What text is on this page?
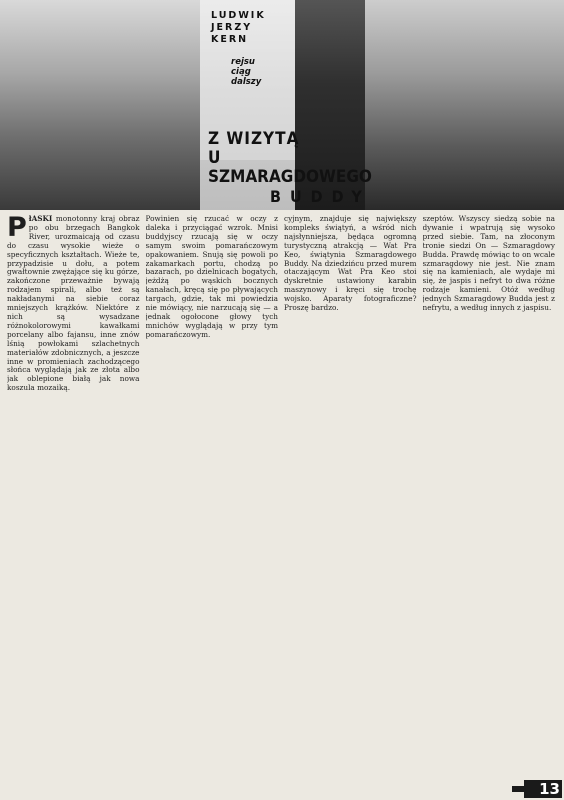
LUDWIK
JERZY
KERN
rejsu
ciąg
dalszy
Z WIZYTĄ
U SZMARAGDOWEGO
BUDDY

PłASKI monotonny kraj obraz po obu brzegach Bangkok River, urozmaicają od czasu do czasu wysokie wieże o specyficznych kształtach. Wieże te, przypadzisie u dołu, a potem gwałtownie zwężające się ku górze, zakończone przeważnie bywają rodzajem spirali, albo też są nakładanymi na siebie coraz mniejszych krążków. Niektóre z nich są wysadzane różnokolorowymi kawałkami porcelany albo fajansu, inne znów lśnią powłokami szlachetnych materiałów zdobnicznych, a jeszcze inne w promieniach zachodzącego słońca wyglądają jak ze złota albo jak oblepione białą jak nowa koszula mozaiką.

Powinien się rzucać w oczy z daleka i przyciągać wzrok. Mnisi buddyjscy rzucają się w oczy samym swoim pomarańczowym opakowaniem. Snują się powoli po zakamarkach portu, chodzą po bazarach, po dzielnicach bogatych, jeżdżą po wąskich bocznych kanałach, kręcą się po pływających targach, gdzie, tak mi powiedzia nie mówiący, nie narzucają się — a jednak ogołocone głowy tych mnichów wyglądają w przy tym pomarańczowym.

cyjnym, znajduje się największy kompleks świątyń, a wśród nich najsłynniejsza, będąca ogromną turystyczną atrakcją — Wat Pra Keo, świątynia Szmaragdowego Buddy. Na dziedzińcu przed murem otaczającym Wat Pra Keo stoi dyskretnie ustawiony karabin maszynowy i kręci się trochę wojsko. Aparaty fotograficzne? Proszę bardzo.

szeptów. Wszyscy siedzą sobie na dywanie i wpatrują się wysoko przed siebie. Tam, na złoconym tronie siedzi On — Szmaragdowy Budda. Prawdę mówiąc to on wcale szmaragdowy nie jest. Nie znam się na kamieniach, ale wydaje mi się, że jaspis i nefryt to dwa różne rodzaje kamieni. Otóż według jednych Szmaragdowy Budda jest z nefrytu, a według innych z jaspisu.

13
